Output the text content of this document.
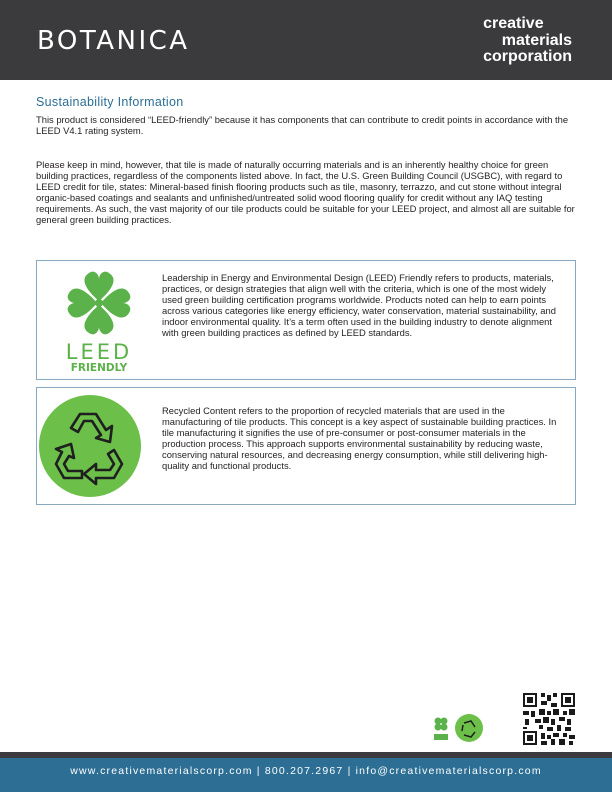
BOTANICA
creative
materials
corporation
Sustainability Information

This product is considered “LEED-friendly” because it has components that can contribute to credit points in accordance with the LEED V4.1 rating system.

Please keep in mind, however, that tile is made of naturally occurring materials and is an inherently healthy choice for green building practices, regardless of the components listed above. In fact, the U.S. Green Building Council (USGBC), with regard to LEED credit for tile, states: Mineral-based finish flooring products such as tile, masonry, terrazzo, and cut stone without integral organic-based coatings and sealants and unfinished/untreated solid wood flooring qualify for credit without any IAQ testing requirements. As such, the vast majority of our tile products could be suitable for your LEED project, and almost all are suitable for general green building practices.

LEED
FRIENDLY

Leadership in Energy and Environmental Design (LEED) Friendly refers to products, materials, practices, or design strategies that align well with the criteria, which is one of the most widely used green building certification programs worldwide. Products noted can help to earn points across various categories like energy efficiency, water conservation, material sustainability, and indoor environmental quality. It’s a term often used in the building industry to denote alignment with green building practices as defined by LEED standards.

Recycled Content refers to the proportion of recycled materials that are used in the manufacturing of tile products. This concept is a key aspect of sustainable building practices. In tile manufacturing it signifies the use of pre-consumer or post-consumer materials in the production process. This approach supports environmental sustainability by reducing waste, conserving natural resources, and decreasing energy consumption, while still delivering high-quality and functional products.

www.creativematerialscorp.com | 800.207.2967 | info@creativematerialscorp.com
